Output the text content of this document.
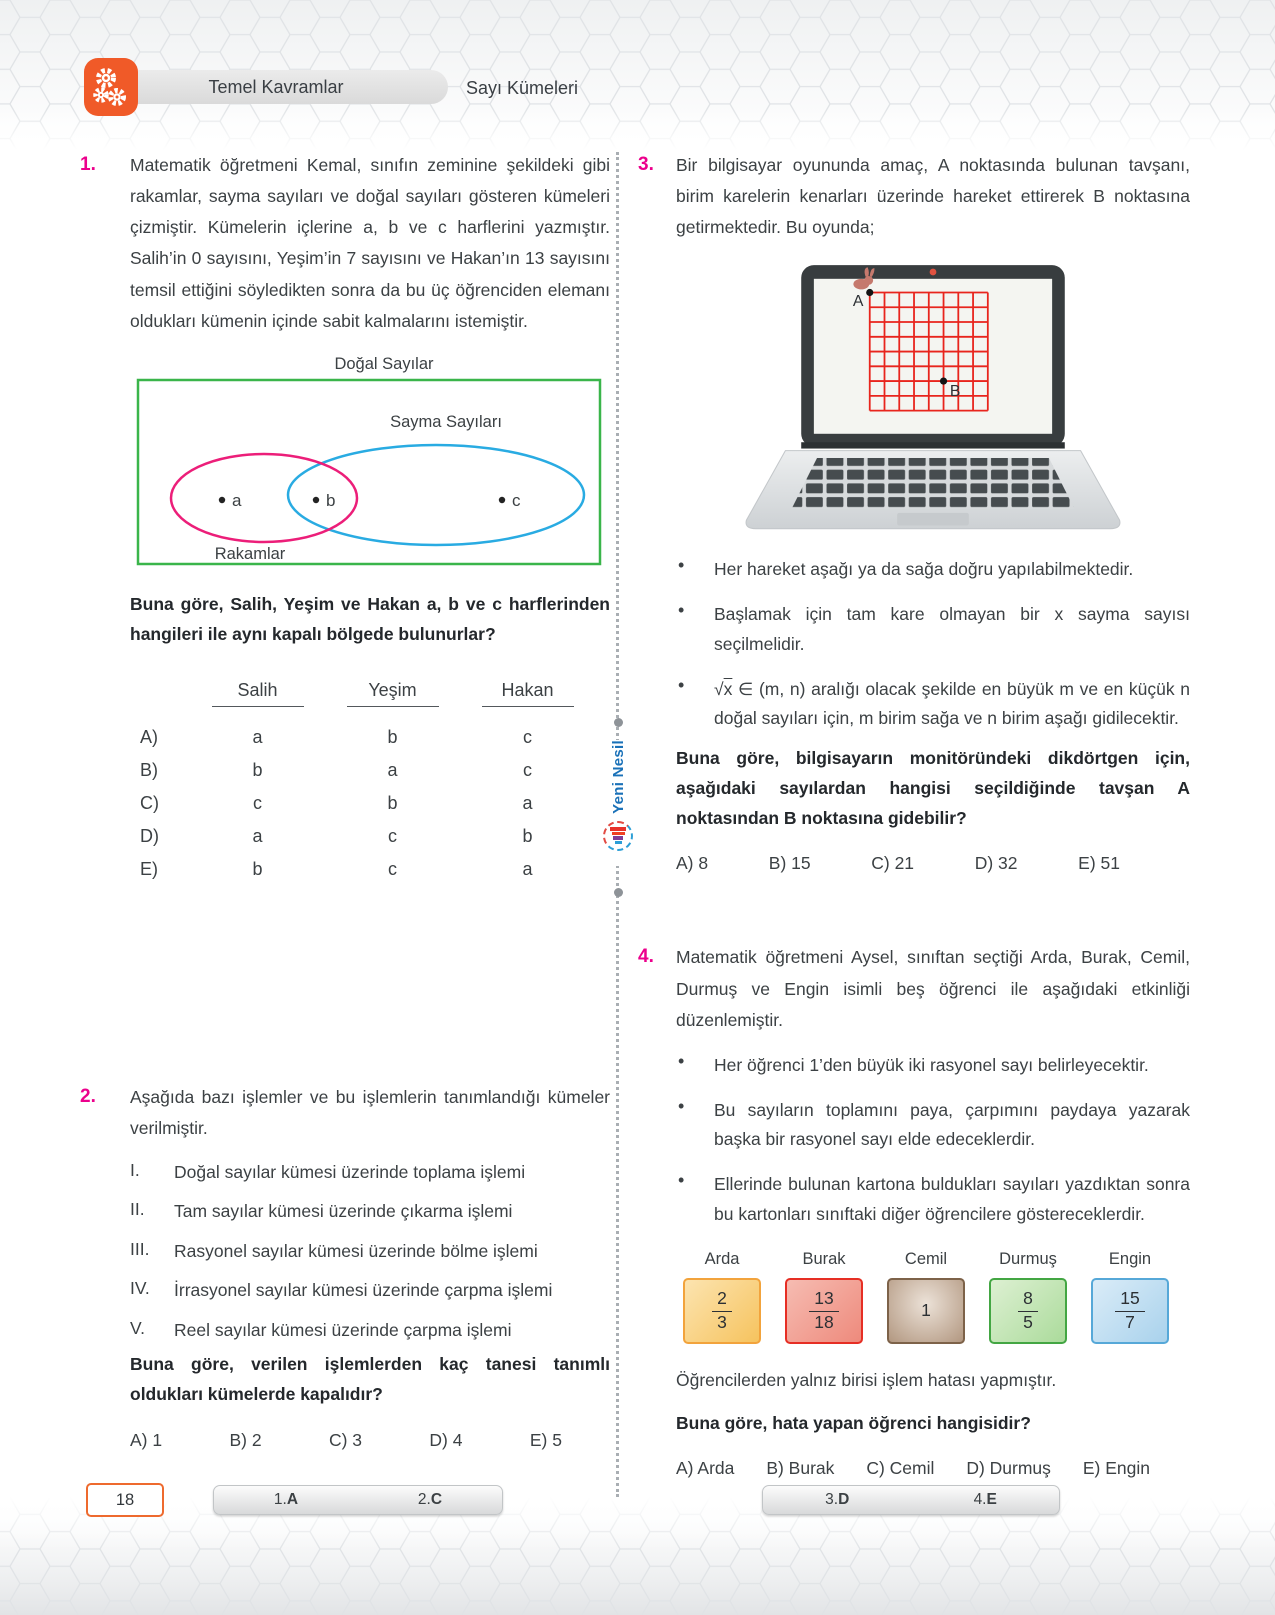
Temel Kavramlar	Sayı Kümeleri
Yeni Nesil
1.	Matematik öğretmeni Kemal, sınıfın zeminine şekildeki gibi rakamlar, sayma sayıları ve doğal sayıları gösteren kümeleri çizmiştir. Kümelerin içlerine a, b ve c harflerini yazmıştır. Salih’in 0 sayısını, Yeşim’in 7 sayısını ve Hakan’ın 13 sayısını temsil ettiğini söyledikten sonra da bu üç öğrenciden elemanı oldukları kümenin içinde sabit kalmalarını istemiştir.

Doğal Sayılar
Sayma Sayıları
a	b	c
Rakamlar

Buna göre, Salih, Yeşim ve Hakan a, b ve c harflerinden hangileri ile aynı kapalı bölgede bulunurlar?

Salih	Yeşim	Hakan
A)	a	b	c
B)	b	a	c
C)	c	b	a
D)	a	c	b
E)	b	c	a
2.	Aşağıda bazı işlemler ve bu işlemlerin tanımlandığı kümeler verilmiştir.

I.	Doğal sayılar kümesi üzerinde toplama işlemi

II.	Tam sayılar kümesi üzerinde çıkarma işlemi

III.	Rasyonel sayılar kümesi üzerinde bölme işlemi

IV.	İrrasyonel sayılar kümesi üzerinde çarpma işlemi

V.	Reel sayılar kümesi üzerinde çarpma işlemi

Buna göre, verilen işlemlerden kaç tanesi tanımlı oldukları kümelerde kapalıdır?

A) 1	B) 2	C) 3	D) 4	E) 5
3.	Bir bilgisayar oyununda amaç, A noktasında bulunan tavşanı, birim karelerin kenarları üzerinde hareket ettirerek B noktasına getirmektedir. Bu oyunda;

A
B
•	Her hareket aşağı ya da sağa doğru yapılabilmektedir.

•	Başlamak için tam kare olmayan bir x sayma sayısı seçilmelidir.

•	√x ∈ (m, n) aralığı olacak şekilde en büyük m ve en küçük n doğal sayıları için, m birim sağa ve n birim aşağı gidilecektir.

Buna göre, bilgisayarın monitöründeki dikdörtgen için, aşağıdaki sayılardan hangisi seçildiğinde tavşan A noktasından B noktasına gidebilir?

A) 8	B) 15	C) 21	D) 32	E) 51
4.	Matematik öğretmeni Aysel, sınıftan seçtiği Arda, Burak, Cemil, Durmuş ve Engin isimli beş öğrenci ile aşağıdaki etkinliği düzenlemiştir.

•	Her öğrenci 1’den büyük iki rasyonel sayı belirleyecektir.

•	Bu sayıların toplamını paya, çarpımını paydaya yazarak başka bir rasyonel sayı elde edeceklerdir.

•	Ellerinde bulunan kartona buldukları sayıları yazdıktan sonra bu kartonları sınıftaki diğer öğrencilere göstereceklerdir.

Arda
$\frac{2}{3}$
Burak
$\frac{13}{18}$
Cemil
1
Durmuş
$\frac{8}{5}$
Engin
$\frac{15}{7}$

Öğrencilerden yalnız birisi işlem hatası yapmıştır.

Buna göre, hata yapan öğrenci hangisidir?

A) Arda B) Burak C) Cemil D) Durmuş E) Engin
18	1.A	2.C	3.D	4.E
